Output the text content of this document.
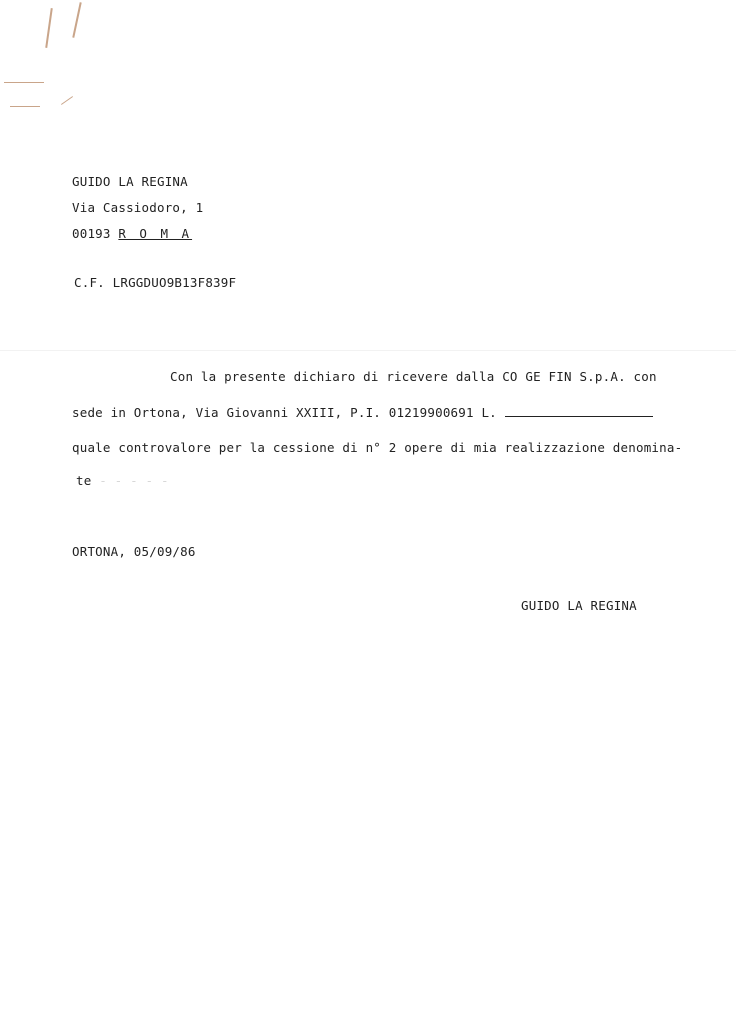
GUIDO LA REGINA
Via Cassiodoro, 1
00193 R O M A
C.F. LRGGDUO9B13F839F
Con la presente dichiaro di ricevere dalla CO GE FIN S.p.A. con
sede in Ortona, Via Giovanni XXIII, P.I. 01219900691 L.
quale controvalore per la cessione di n° 2 opere di mia realizzazione denomina-
te - - - - -
ORTONA, 05/09/86
GUIDO LA REGINA
